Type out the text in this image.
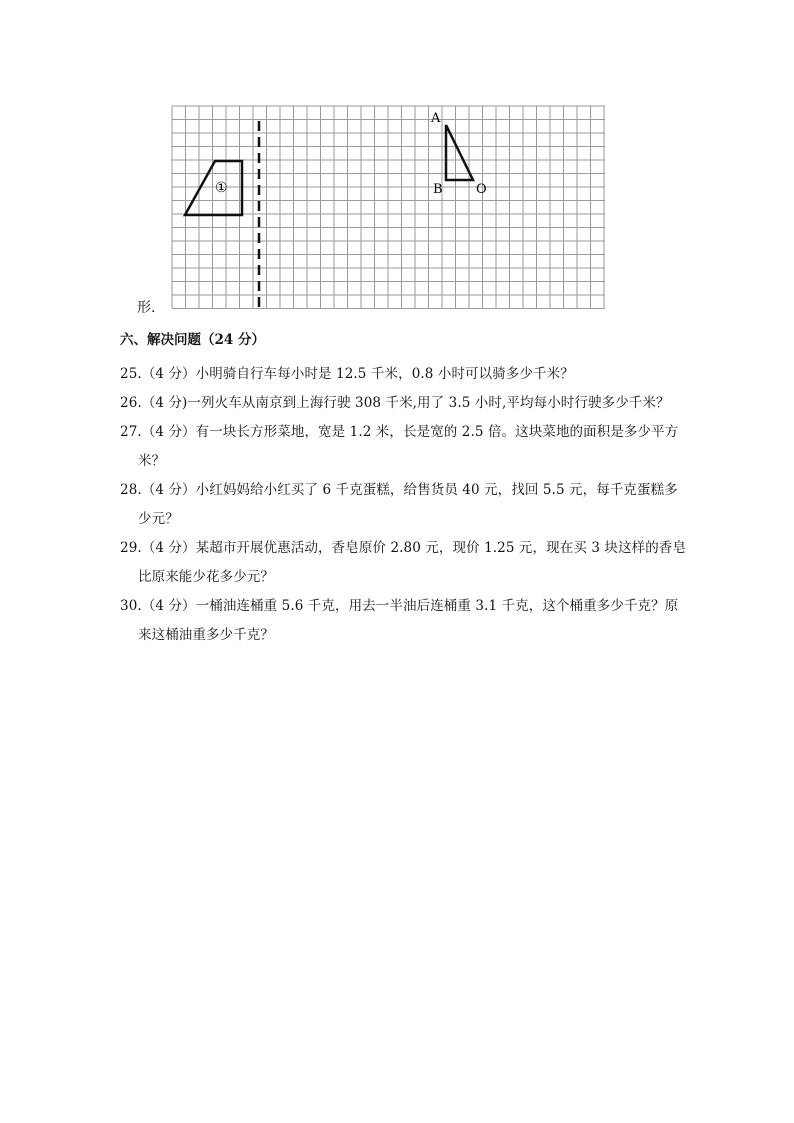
①
A
B	O
形.
六、解决问题（24 分）
25.（4 分）小明骑自行车每小时是 12.5 千米，0.8 小时可以骑多少千米？
26.（4 分)一列火车从南京到上海行驶 308 千米,用了 3.5 小时,平均每小时行驶多少千米？
27.（4 分）有一块长方形菜地，宽是 1.2 米，长是宽的 2.5 倍。这块菜地的面积是多少平方
米？
28.（4 分）小红妈妈给小红买了 6 千克蛋糕，给售货员 40 元，找回 5.5 元，每千克蛋糕多
少元？
29.（4 分）某超市开展优惠活动，香皂原价 2.80 元，现价 1.25 元，现在买 3 块这样的香皂
比原来能少花多少元？
30.（4 分）一桶油连桶重 5.6 千克，用去一半油后连桶重 3.1 千克，这个桶重多少千克？原
来这桶油重多少千克？
